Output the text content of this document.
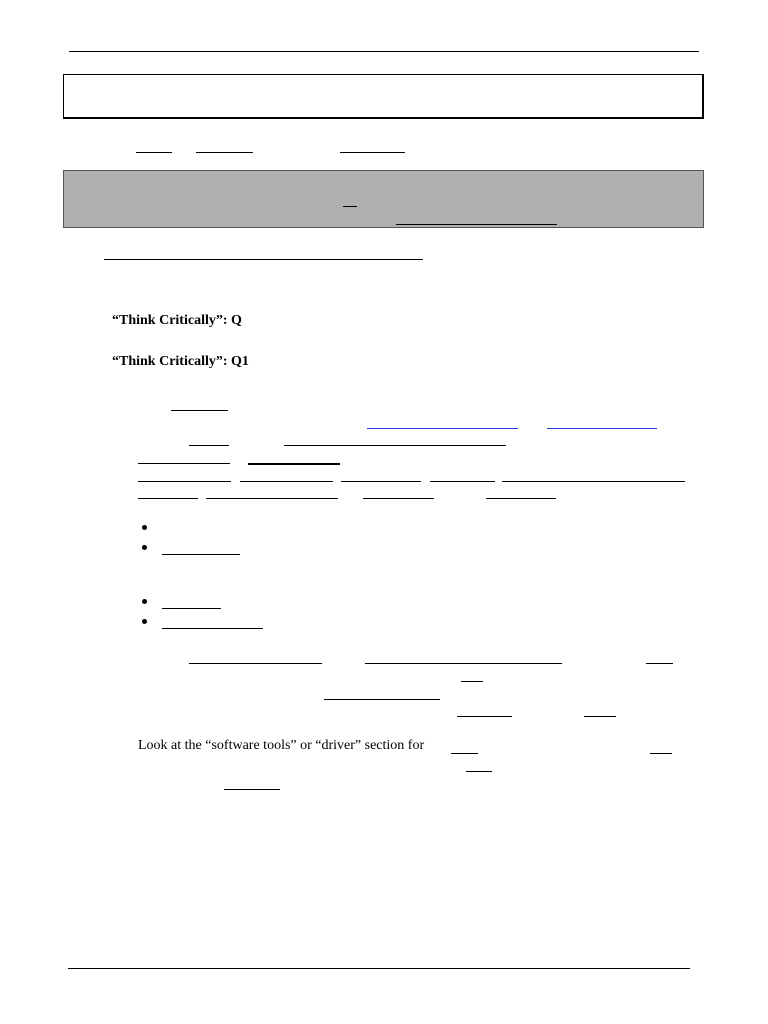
“Think Critically”: Q
“Think Critically”: Q1
Look at the “software tools” or “driver” section for
